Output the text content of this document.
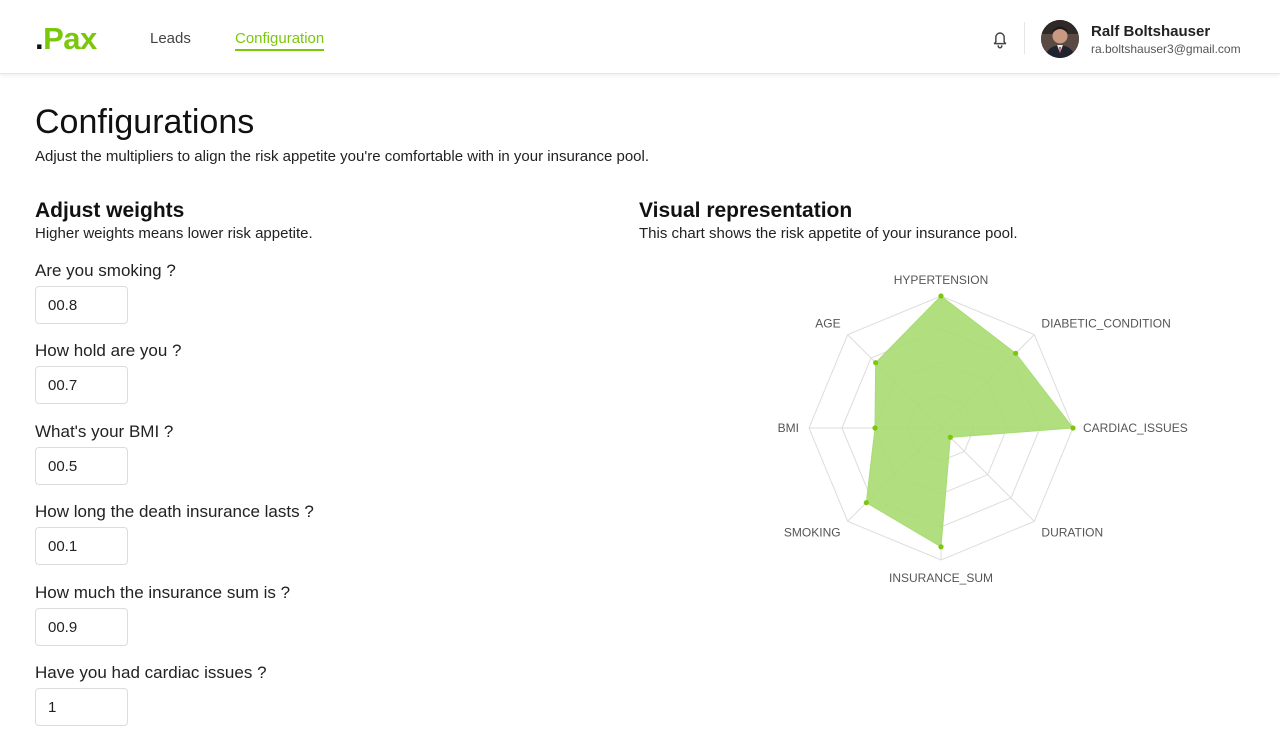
.Pax	Leads	Configuration	Ralf Boltshauser
ra.boltshauser3@gmail.com
Configurations

Adjust the multipliers to align the risk appetite you're comfortable with in your insurance pool.

Adjust weights

Higher weights means lower risk appetite.

Are you smoking ?
00.8
How hold are you ?
00.7
What's your BMI ?
00.5
How long the death insurance lasts ?
00.1
How much the insurance sum is ?
00.9
Have you had cardiac issues ?
1
Visual representation

This chart shows the risk appetite of your insurance pool.

HYPERTENSION
DIABETIC_CONDITION
CARDIAC_ISSUES
DURATION
INSURANCE_SUM
SMOKING
BMI
AGE
